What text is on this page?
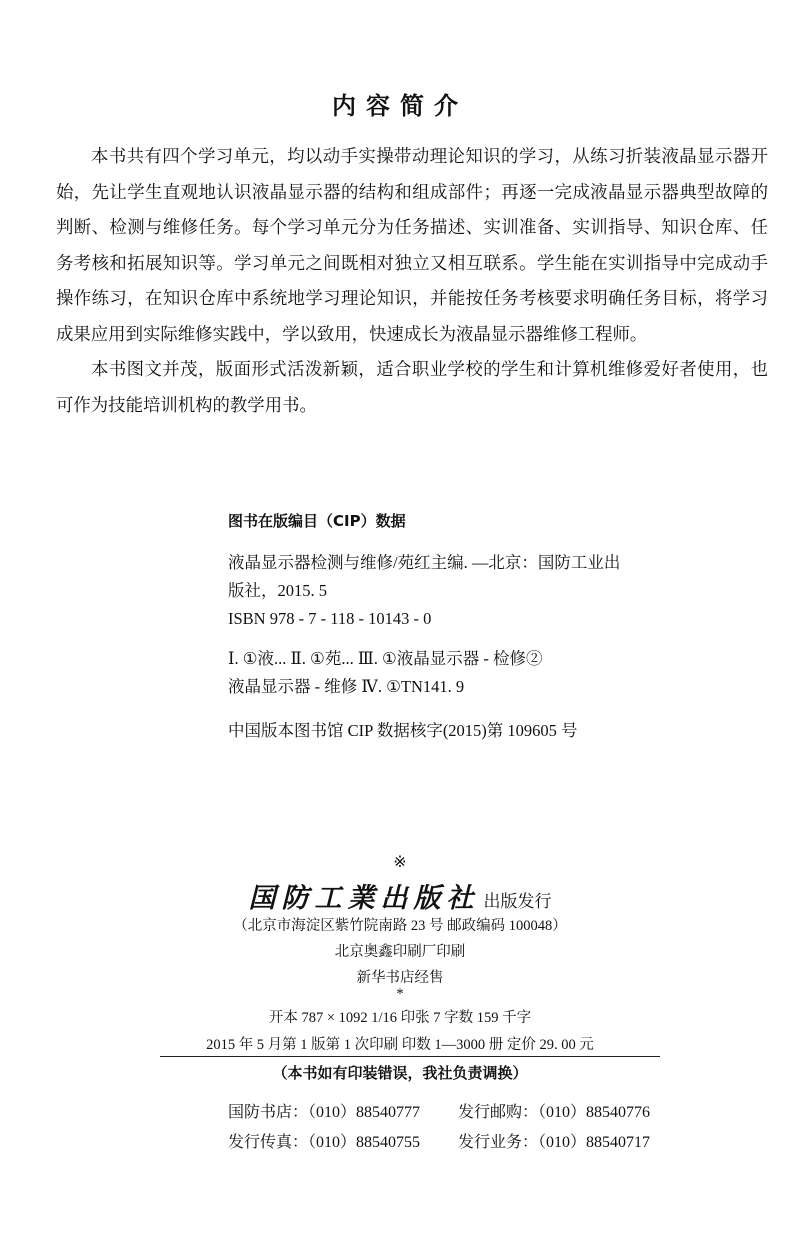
内容简介

本书共有四个学习单元，均以动手实操带动理论知识的学习，从练习折装液晶显示器开始，先让学生直观地认识液晶显示器的结构和组成部件；再逐一完成液晶显示器典型故障的判断、检测与维修任务。每个学习单元分为任务描述、实训准备、实训指导、知识仓库、任务考核和拓展知识等。学习单元之间既相对独立又相互联系。学生能在实训指导中完成动手操作练习，在知识仓库中系统地学习理论知识，并能按任务考核要求明确任务目标，将学习成果应用到实际维修实践中，学以致用，快速成长为液晶显示器维修工程师。

本书图文并茂，版面形式活泼新颖，适合职业学校的学生和计算机维修爱好者使用，也可作为技能培训机构的教学用书。

图书在版编目（CIP）数据
液晶显示器检测与维修/苑红主编. —北京：国防工业出
版社，2015. 5
ISBN 978 - 7 - 118 - 10143 - 0
Ⅰ. ①液... Ⅱ. ①苑... Ⅲ. ①液晶显示器 - 检修②
液晶显示器 - 维修 Ⅳ. ①TN141. 9
中国版本图书馆 CIP 数据核字(2015)第 109605 号
※
国防工業出版社 出版发行
（北京市海淀区紫竹院南路 23 号 邮政编码 100048）
北京奥鑫印刷厂印刷
新华书店经售
*
开本 787 × 1092 1/16 印张 7 字数 159 千字
2015 年 5 月第 1 版第 1 次印刷 印数 1—3000 册 定价 29. 00 元
（本书如有印装错误，我社负责调换）
国防书店：（010）88540777	发行邮购：（010）88540776
发行传真：（010）88540755	发行业务：（010）88540717
